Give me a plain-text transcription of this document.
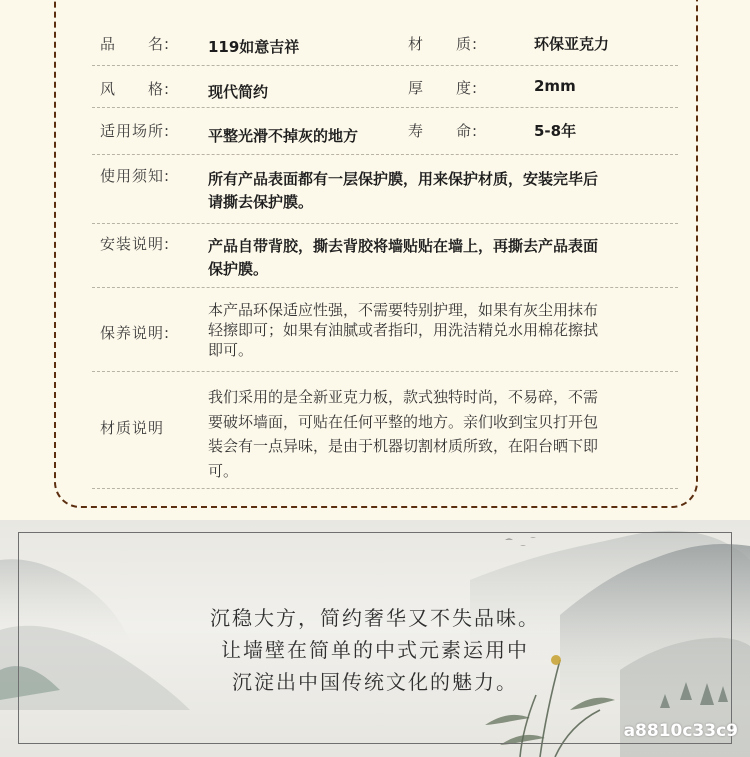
品　　名:	119如意吉祥	材　　质:	环保亚克力
风　　格:	现代简约	厚　　度:	2mm
适用场所:	平整光滑不掉灰的地方	寿　　命:	5-8年
使用须知:	所有产品表面都有一层保护膜，用来保护材质，安装完毕后
请撕去保护膜。
安装说明:	产品自带背胶，撕去背胶将墙贴贴在墙上，再撕去产品表面
保护膜。
保养说明:
本产品环保适应性强，不需要特别护理，如果有灰尘用抹布
轻擦即可；如果有油腻或者指印，用洗洁精兑水用棉花擦拭
即可。
材质说明
我们采用的是全新亚克力板，款式独特时尚，不易碎，不需
要破坏墙面，可贴在任何平整的地方。亲们收到宝贝打开包
装会有一点异味，是由于机器切割材质所致，在阳台晒下即
可。
沉稳大方，简约奢华又不失品味。
让墙壁在简单的中式元素运用中
沉淀出中国传统文化的魅力。
a8810c33c9
